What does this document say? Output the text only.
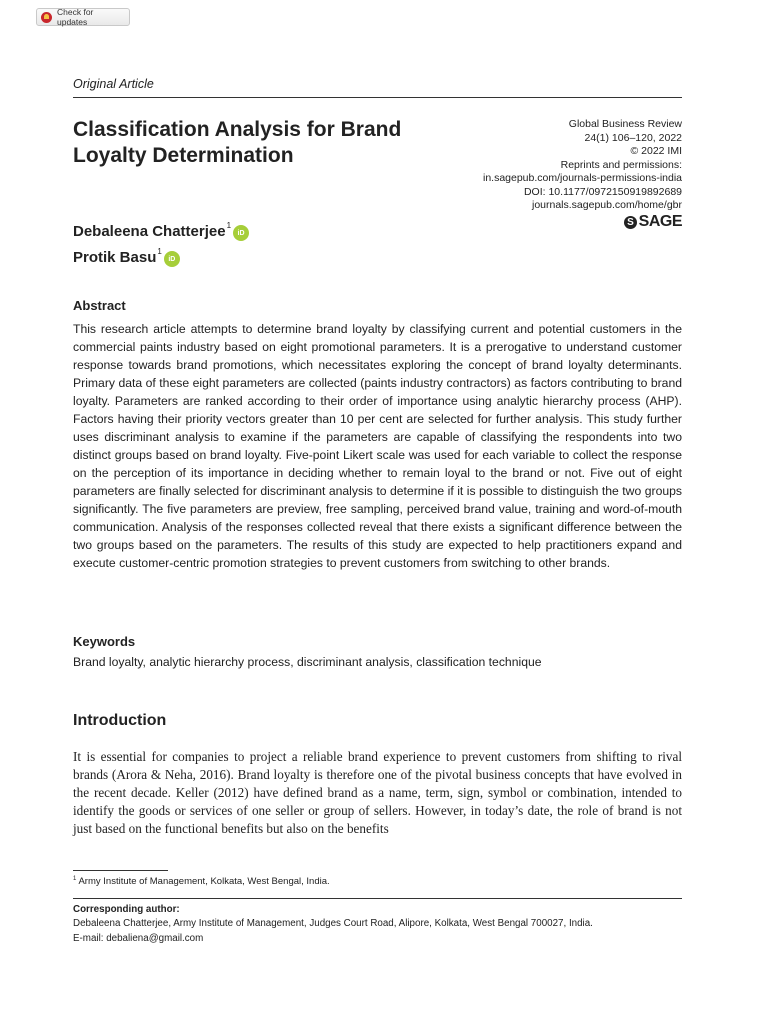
Check for updates
Original Article
Classification Analysis for Brand Loyalty Determination
Global Business Review
24(1) 106–120, 2022
© 2022 IMI
Reprints and permissions:
in.sagepub.com/journals-permissions-india
DOI: 10.1177/0972150919892689
journals.sagepub.com/home/gbr
S SAGE
Debaleena Chatterjee$^1$
iD
Protik Basu$^1$
iD
Abstract
This research article attempts to determine brand loyalty by classifying current and potential customers in the commercial paints industry based on eight promotional parameters. It is a prerogative to understand customer response towards brand promotions, which necessitates exploring the concept of brand loyalty determinants. Primary data of these eight parameters are collected (paints industry contractors) as factors contributing to brand loyalty. Parameters are ranked according to their order of importance using analytic hierarchy process (AHP). Factors having their priority vectors greater than 10 per cent are selected for further analysis. This study further uses discriminant analysis to examine if the parameters are capable of classifying the respondents into two distinct groups based on brand loyalty. Five-point Likert scale was used for each variable to collect the response on the perception of its importance in deciding whether to remain loyal to the brand or not. Five out of eight parameters are finally selected for discriminant analysis to determine if it is possible to distinguish the two groups significantly. The five parameters are preview, free sampling, perceived brand value, training and word-of-mouth communication. Analysis of the responses collected reveal that there exists a significant difference between the two groups based on the parameters. The results of this study are expected to help practitioners expand and execute customer-centric promotion strategies to prevent customers from switching to other brands.
Keywords
Brand loyalty, analytic hierarchy process, discriminant analysis, classification technique
Introduction
It is essential for companies to project a reliable brand experience to prevent customers from shifting to rival brands (Arora & Neha, 2016). Brand loyalty is therefore one of the pivotal business concepts that have evolved in the recent decade. Keller (2012) have defined brand as a name, term, sign, symbol or combination, intended to identify the goods or services of one seller or group of sellers. However, in today’s date, the role of brand is not just based on the functional benefits but also on the benefits
$^1$ Army Institute of Management, Kolkata, West Bengal, India.
Corresponding author:
Debaleena Chatterjee, Army Institute of Management, Judges Court Road, Alipore, Kolkata, West Bengal 700027, India.
E-mail: debaliena@gmail.com
